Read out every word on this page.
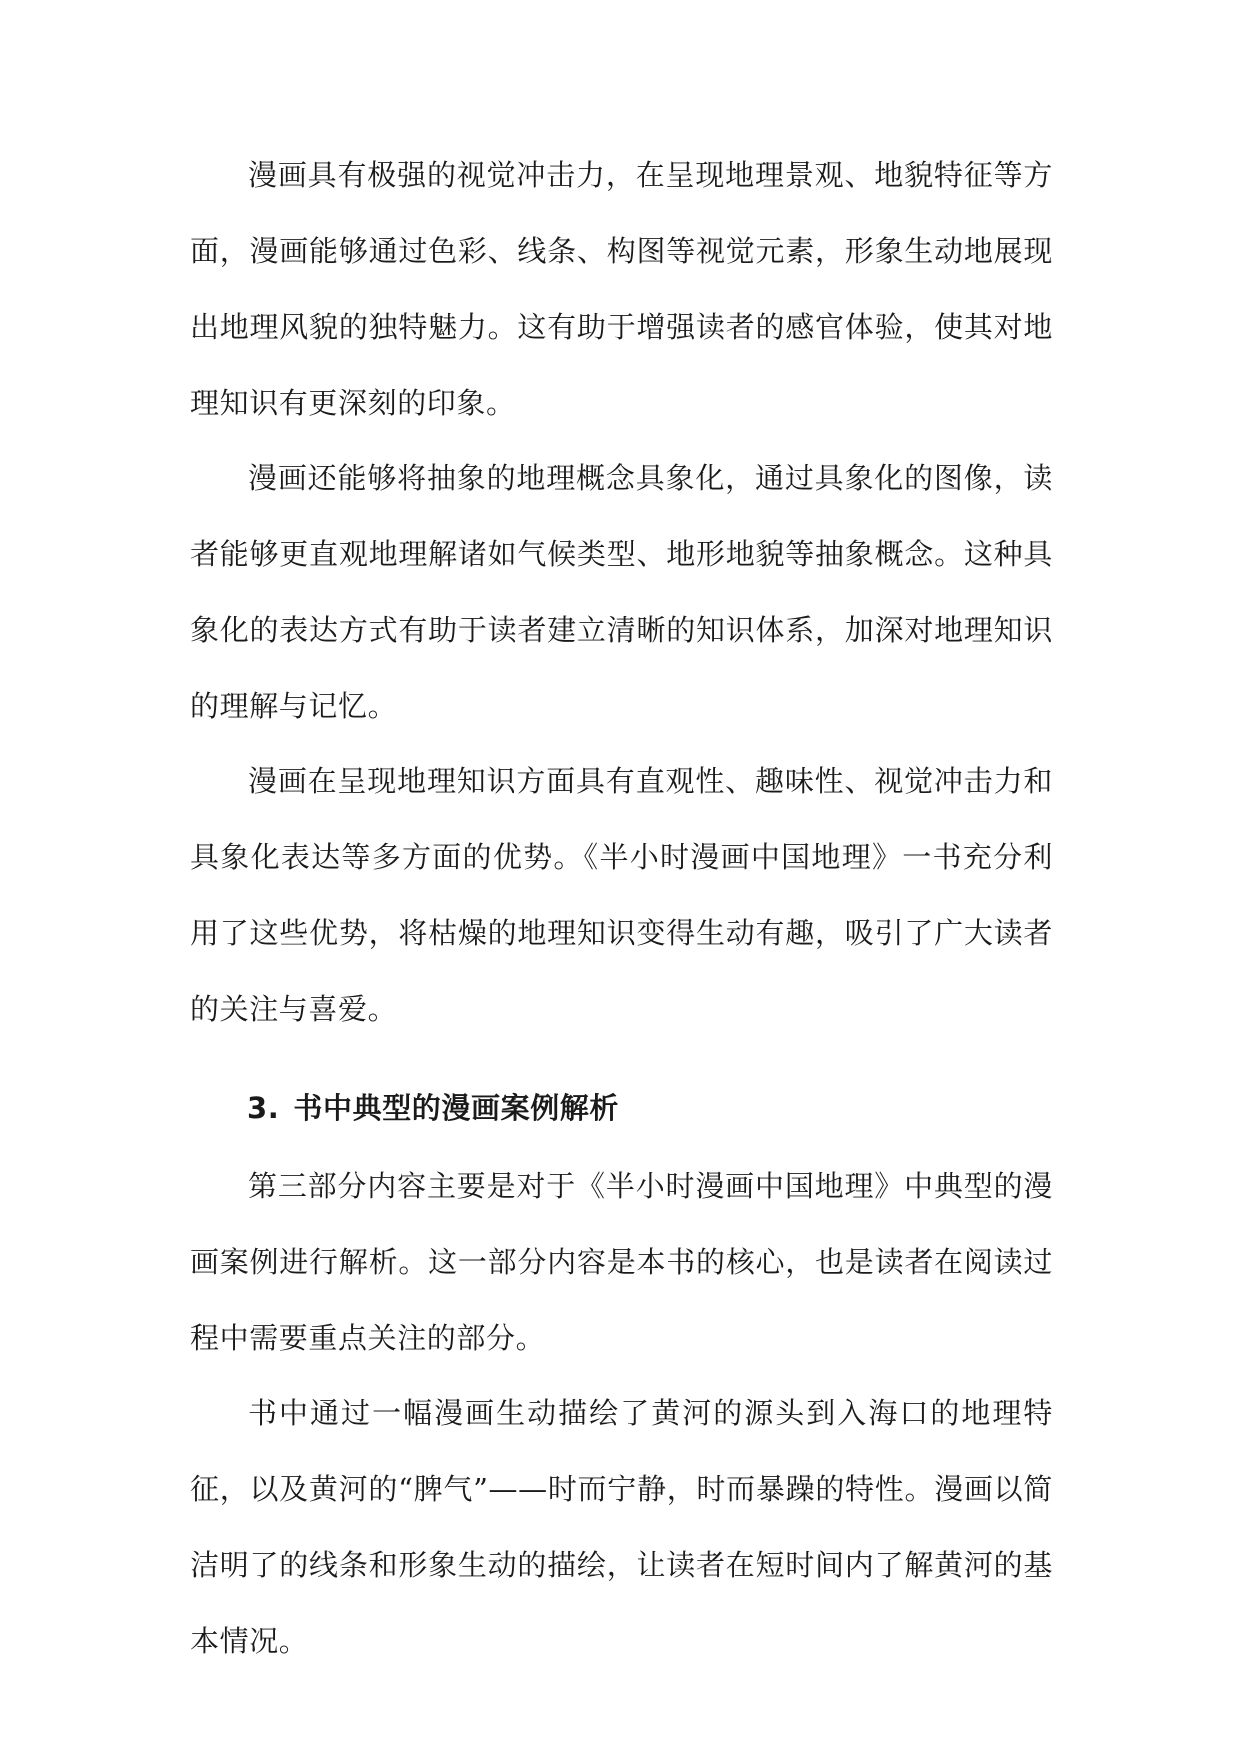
漫画具有极强的视觉冲击力，在呈现地理景观、地貌特征等方面，漫画能够通过色彩、线条、构图等视觉元素，形象生动地展现出地理风貌的独特魅力。这有助于增强读者的感官体验，使其对地理知识有更深刻的印象。

漫画还能够将抽象的地理概念具象化，通过具象化的图像，读者能够更直观地理解诸如气候类型、地形地貌等抽象概念。这种具象化的表达方式有助于读者建立清晰的知识体系，加深对地理知识的理解与记忆。

漫画在呈现地理知识方面具有直观性、趣味性、视觉冲击力和具象化表达等多方面的优势。《半小时漫画中国地理》一书充分利用了这些优势，将枯燥的地理知识变得生动有趣，吸引了广大读者的关注与喜爱。

3. 书中典型的漫画案例解析

第三部分内容主要是对于《半小时漫画中国地理》中典型的漫画案例进行解析。这一部分内容是本书的核心，也是读者在阅读过程中需要重点关注的部分。

书中通过一幅漫画生动描绘了黄河的源头到入海口的地理特征，以及黄河的“脾气”——时而宁静，时而暴躁的特性。漫画以简洁明了的线条和形象生动的描绘，让读者在短时间内了解黄河的基本情况。
